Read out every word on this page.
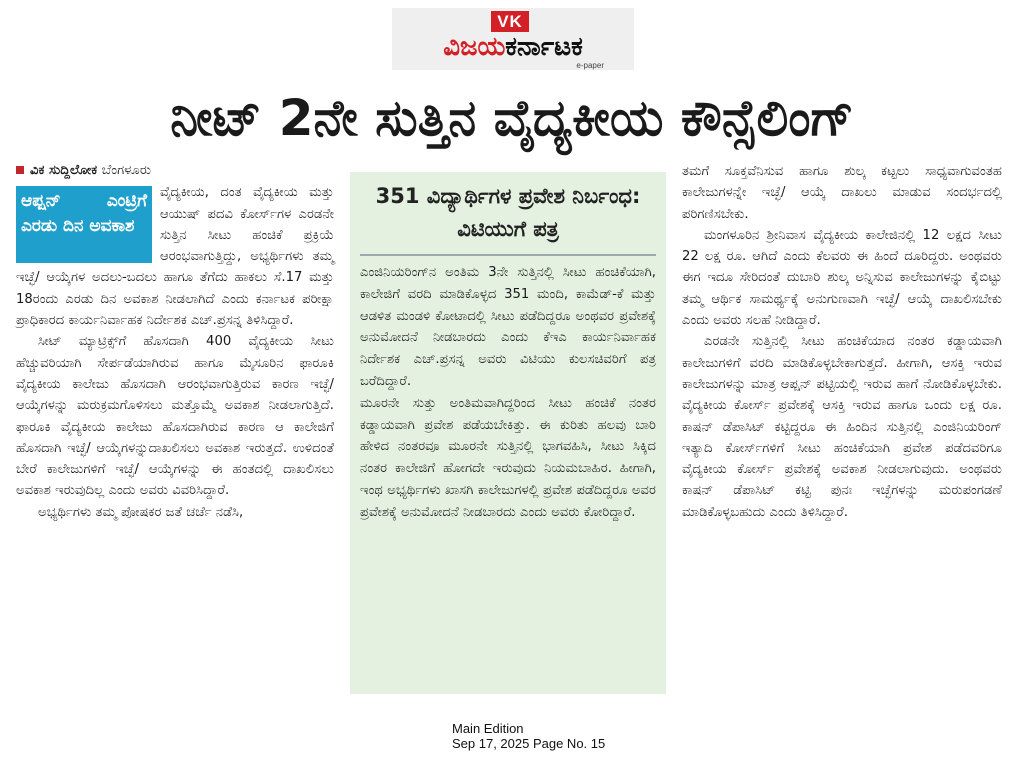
VK
ವಿಜಯಕರ್ನಾಟಕ
e-paper
ನೀಟ್ 2ನೇ ಸುತ್ತಿನ ವೈದ್ಯಕೀಯ ಕೌನ್ಸೆಲಿಂಗ್
ವಿಕ ಸುದ್ದಿಲೋಕ ಬೆಂಗಳೂರು

ಆಪ್ಷನ್ ಎಂಟ್ರಿಗೆ ಎರಡು ದಿನ ಅವಕಾಶ
ವೈದ್ಯಕೀಯ, ದಂತ ವೈದ್ಯಕೀಯ ಮತ್ತು ಆಯುಷ್ ಪದವಿ ಕೋರ್ಸ್‌ಗಳ ಎರಡನೇ ಸುತ್ತಿನ ಸೀಟು ಹಂಚಿಕೆ ಪ್ರಕ್ರಿಯೆ ಆರಂಭವಾಗುತ್ತಿದ್ದು, ಅಭ್ಯರ್ಥಿಗಳು ತಮ್ಮ ಇಚ್ಛೆ/ ಆಯ್ಕೆಗಳ ಅದಲು-ಬದಲು ಹಾಗೂ ತೆಗೆದು ಹಾಕಲು ಸೆ.17 ಮತ್ತು 18ರಂದು ಎರಡು ದಿನ ಅವಕಾಶ ನೀಡಲಾಗಿದೆ ಎಂದು ಕರ್ನಾಟಕ ಪರೀಕ್ಷಾ ಪ್ರಾಧಿಕಾರದ ಕಾರ್ಯನಿರ್ವಾಹಕ ನಿರ್ದೇಶಕ ಎಚ್.ಪ್ರಸನ್ನ ತಿಳಿಸಿದ್ದಾರೆ.

ಸೀಟ್ ಮ್ಯಾಟ್ರಿಕ್ಸ್‌ಗೆ ಹೊಸದಾಗಿ 400 ವೈದ್ಯಕೀಯ ಸೀಟು ಹೆಚ್ಚುವರಿಯಾಗಿ ಸೇರ್ಪಡೆಯಾಗಿರುವ ಹಾಗೂ ಮೈಸೂರಿನ ಫಾರೂಕಿ ವೈದ್ಯಕೀಯ ಕಾಲೇಜು ಹೊಸದಾಗಿ ಆರಂಭವಾಗುತ್ತಿರುವ ಕಾರಣ ಇಚ್ಛೆ/ ಆಯ್ಕೆಗಳನ್ನು ಮರುಕ್ರಮಗೊಳಿಸಲು ಮತ್ತೊಮ್ಮೆ ಅವಕಾಶ ನೀಡಲಾಗುತ್ತಿದೆ. ಫಾರೂಕಿ ವೈದ್ಯಕೀಯ ಕಾಲೇಜು ಹೊಸದಾಗಿರುವ ಕಾರಣ ಆ ಕಾಲೇಜಿಗೆ ಹೊಸದಾಗಿ ಇಚ್ಛೆ/ ಆಯ್ಕೆಗಳನ್ನುದಾಖಲಿಸಲು ಅವಕಾಶ ಇರುತ್ತದೆ. ಉಳಿದಂತೆ ಬೇರೆ ಕಾಲೇಜುಗಳಿಗೆ ಇಚ್ಛೆ/ ಆಯ್ಕೆಗಳನ್ನು ಈ ಹಂತದಲ್ಲಿ ದಾಖಲಿಸಲು ಅವಕಾಶ ಇರುವುದಿಲ್ಲ ಎಂದು ಅವರು ವಿವರಿಸಿದ್ದಾರೆ.

ಅಭ್ಯರ್ಥಿಗಳು ತಮ್ಮ ಪೋಷಕರ ಜತೆ ಚರ್ಚೆ ನಡೆಸಿ,

351 ವಿದ್ಯಾರ್ಥಿಗಳ ಪ್ರವೇಶ ನಿರ್ಬಂಧ: ವಿಟಿಯುಗೆ ಪತ್ರ

ಎಂಜಿನಿಯರಿಂಗ್‌ನ ಅಂತಿಮ 3ನೇ ಸುತ್ತಿನಲ್ಲಿ ಸೀಟು ಹಂಚಿಕೆಯಾಗಿ, ಕಾಲೇಜಿಗೆ ವರದಿ ಮಾಡಿಕೊಳ್ಳದ 351 ಮಂದಿ, ಕಾಮೆಡ್-ಕೆ ಮತ್ತು ಆಡಳಿತ ಮಂಡಳಿ ಕೋಟಾದಲ್ಲಿ ಸೀಟು ಪಡೆದಿದ್ದರೂ ಅಂಥವರ ಪ್ರವೇಶಕ್ಕೆ ಅನುಮೋದನೆ ನೀಡಬಾರದು ಎಂದು ಕೆಇಎ ಕಾರ್ಯನಿರ್ವಾಹಕ ನಿರ್ದೇಶಕ ಎಚ್.ಪ್ರಸನ್ನ ಅವರು ವಿಟಿಯು ಕುಲಸಚಿವರಿಗೆ ಪತ್ರ ಬರೆದಿದ್ದಾರೆ.

ಮೂರನೇ ಸುತ್ತು ಅಂತಿಮವಾಗಿದ್ದರಿಂದ ಸೀಟು ಹಂಚಿಕೆ ನಂತರ ಕಡ್ಡಾಯವಾಗಿ ಪ್ರವೇಶ ಪಡೆಯಬೇಕಿತ್ತು. ಈ ಕುರಿತು ಹಲವು ಬಾರಿ ಹೇಳಿದ ನಂತರವೂ ಮೂರನೇ ಸುತ್ತಿನಲ್ಲಿ ಭಾಗವಹಿಸಿ, ಸೀಟು ಸಿಕ್ಕಿದ ನಂತರ ಕಾಲೇಜಿಗೆ ಹೋಗದೇ ಇರುವುದು ನಿಯಮಬಾಹಿರ. ಹೀಗಾಗಿ, ಇಂಥ ಅಭ್ಯರ್ಥಿಗಳು ಖಾಸಗಿ ಕಾಲೇಜುಗಳಲ್ಲಿ ಪ್ರವೇಶ ಪಡೆದಿದ್ದರೂ ಅವರ ಪ್ರವೇಶಕ್ಕೆ ಅನುಮೋದನೆ ನೀಡಬಾರದು ಎಂದು ಅವರು ಕೋರಿದ್ದಾರೆ.

ತಮಗೆ ಸೂಕ್ತವೆನಿಸುವ ಹಾಗೂ ಶುಲ್ಕ ಕಟ್ಟಲು ಸಾಧ್ಯವಾಗುವಂತಹ ಕಾಲೇಜುಗಳನ್ನೇ ಇಚ್ಛೆ/ ಆಯ್ಕೆ ದಾಖಲು ಮಾಡುವ ಸಂದರ್ಭದಲ್ಲಿ ಪರಿಗಣಿಸಬೇಕು.

ಮಂಗಳೂರಿನ ಶ್ರೀನಿವಾಸ ವೈದ್ಯಕೀಯ ಕಾಲೇಜಿನಲ್ಲಿ 12 ಲಕ್ಷದ ಸೀಟು 22 ಲಕ್ಷ ರೂ. ಆಗಿದೆ ಎಂದು ಕೆಲವರು ಈ ಹಿಂದೆ ದೂರಿದ್ದರು. ಅಂಥವರು ಈಗ ಇದೂ ಸೇರಿದಂತೆ ದುಬಾರಿ ಶುಲ್ಕ ಅನ್ನಿಸುವ ಕಾಲೇಜುಗಳನ್ನು ಕೈಬಿಟ್ಟು ತಮ್ಮ ಆರ್ಥಿಕ ಸಾಮರ್ಥ್ಯಕ್ಕೆ ಅನುಗುಣವಾಗಿ ಇಚ್ಛೆ/ ಆಯ್ಕೆ ದಾಖಲಿಸಬೇಕು ಎಂದು ಅವರು ಸಲಹೆ ನೀಡಿದ್ದಾರೆ.

ಎರಡನೇ ಸುತ್ತಿನಲ್ಲಿ ಸೀಟು ಹಂಚಿಕೆಯಾದ ನಂತರ ಕಡ್ಡಾಯವಾಗಿ ಕಾಲೇಜುಗಳಿಗೆ ವರದಿ ಮಾಡಿಕೊಳ್ಳಬೇಕಾಗುತ್ತದೆ. ಹೀಗಾಗಿ, ಆಸಕ್ತಿ ಇರುವ ಕಾಲೇಜುಗಳನ್ನು ಮಾತ್ರ ಆಪ್ಷನ್ ಪಟ್ಟಿಯಲ್ಲಿ ಇರುವ ಹಾಗೆ ನೋಡಿಕೊಳ್ಳಬೇಕು. ವೈದ್ಯಕೀಯ ಕೋರ್ಸ್ ಪ್ರವೇಶಕ್ಕೆ ಆಸಕ್ತಿ ಇರುವ ಹಾಗೂ ಒಂದು ಲಕ್ಷ ರೂ. ಕಾಷನ್ ಡೆಪಾಸಿಟ್ ಕಟ್ಟಿದ್ದರೂ ಈ ಹಿಂದಿನ ಸುತ್ತಿನಲ್ಲಿ ಎಂಜಿನಿಯರಿಂಗ್ ಇತ್ಯಾದಿ ಕೋರ್ಸ್‌ಗಳಿಗೆ ಸೀಟು ಹಂಚಿಕೆಯಾಗಿ ಪ್ರವೇಶ ಪಡೆದವರಿಗೂ ವೈದ್ಯಕೀಯ ಕೋರ್ಸ್ ಪ್ರವೇಶಕ್ಕೆ ಅವಕಾಶ ನೀಡಲಾಗುವುದು. ಅಂಥವರು ಕಾಷನ್ ಡೆಪಾಸಿಟ್ ಕಟ್ಟಿ ಪುನಃ ಇಚ್ಛೆಗಳನ್ನು ಮರುಪಂಗಡಣೆ ಮಾಡಿಕೊಳ್ಳಬಹುದು ಎಂದು ತಿಳಿಸಿದ್ದಾರೆ.

Main Edition
Sep 17, 2025 Page No. 15
